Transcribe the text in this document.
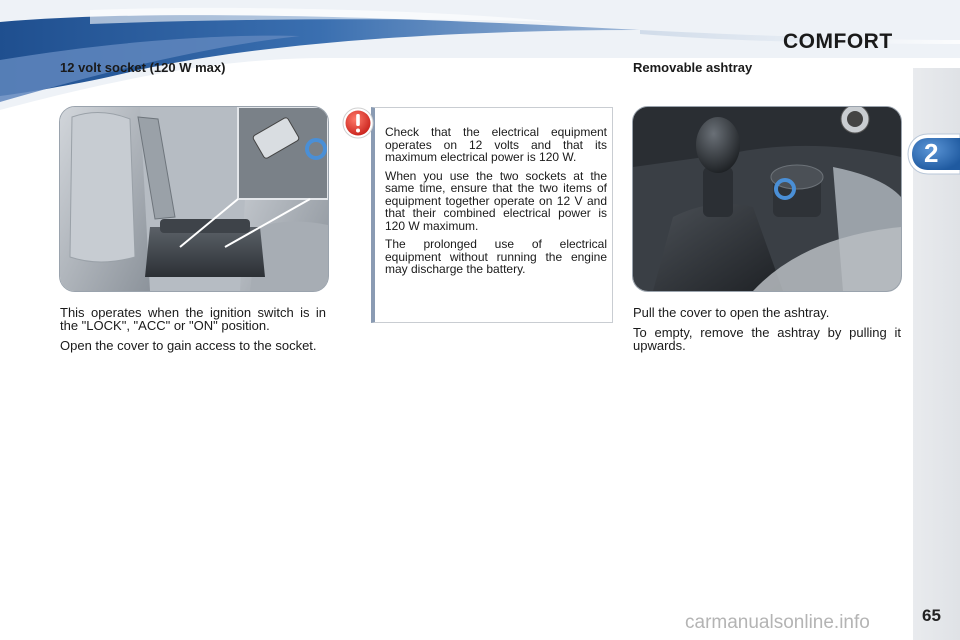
COMFORT
2
12 volt socket (120 W max)

This operates when the ignition switch is in the "LOCK", "ACC" or "ON" position.

Open the cover to gain access to the socket.

Check that the electrical equipment operates on 12 volts and that its maximum electrical power is 120 W.

When you use the two sockets at the same time, ensure that the two items of equipment together operate on 12 V and that their combined electrical power is 120 W maximum.

The prolonged use of electrical equipment without running the engine may discharge the battery.

Removable ashtray

Pull the cover to open the ashtray.

To empty, remove the ashtray by pulling it upwards.

carmanualsonline.info	65
